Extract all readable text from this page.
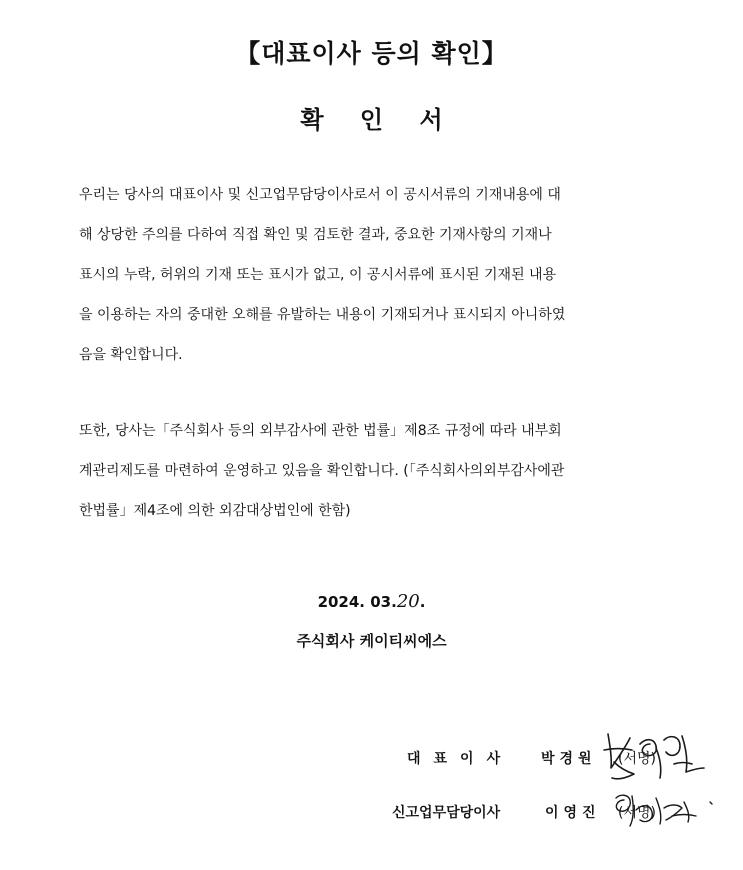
【대표이사 등의 확인】
확 인 서

우리는 당사의 대표이사 및 신고업무담당이사로서 이 공시서류의 기재내용에 대
해 상당한 주의를 다하여 직접 확인 및 검토한 결과, 중요한 기재사항의 기재나
표시의 누락, 허위의 기재 또는 표시가 없고, 이 공시서류에 표시된 기재된 내용
을 이용하는 자의 중대한 오해를 유발하는 내용이 기재되거나 표시되지 아니하였
음을 확인합니다.

또한, 당사는「주식회사 등의 외부감사에 관한 법률」제8조 규정에 따라 내부회
계관리제도를 마련하여 운영하고 있음을 확인합니다. (「주식회사의외부감사에관
한법률」제4조에 의한 외감대상법인에 한함)

2024. 03.20.
주식회사 케이티씨에스
대표이사 박경원 (서명)
신고업무담당이사	이영진 (서명)
